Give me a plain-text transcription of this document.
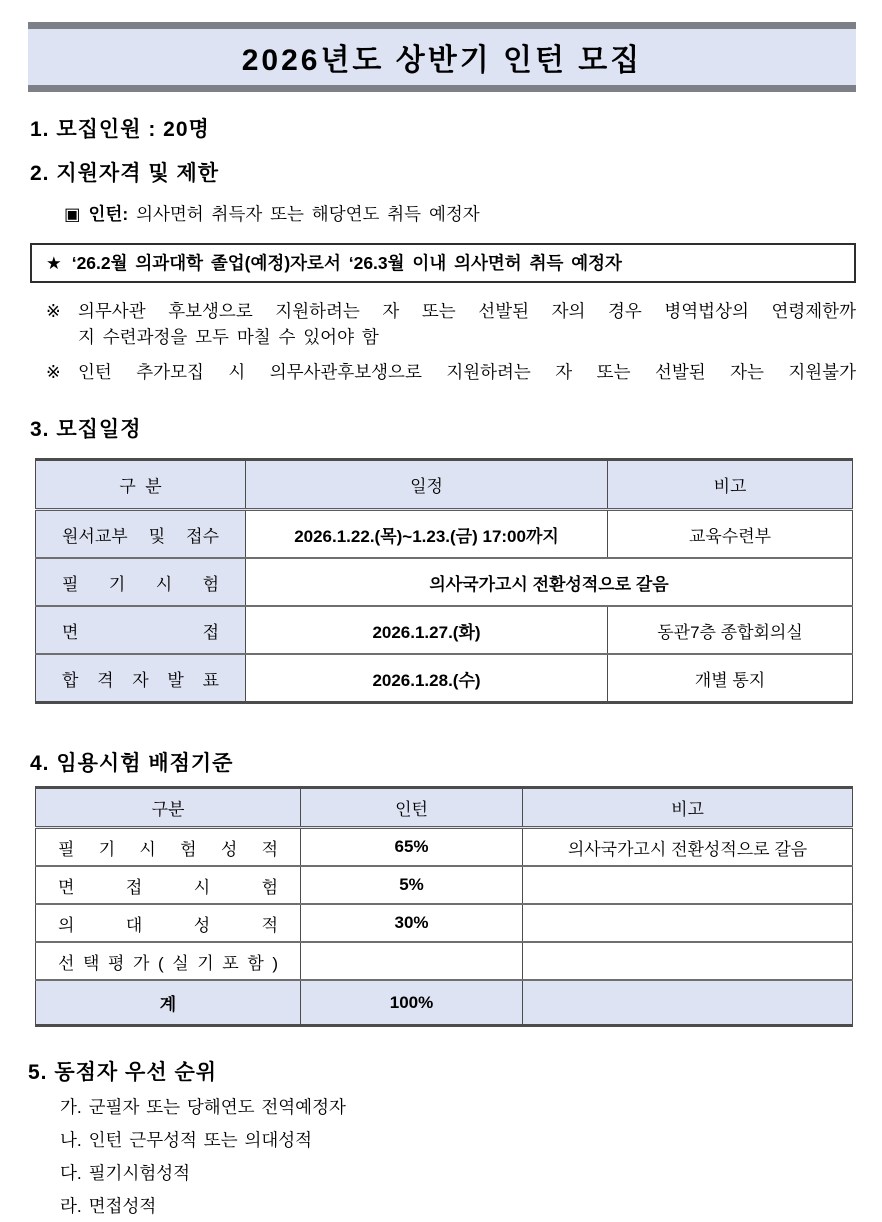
2026년도 상반기 인턴 모집
1. 모집인원 : 20명
2. 지원자격 및 제한
▣ 인턴: 의사면허 취득자 또는 해당연도 취득 예정자
★ ‘26.2월 의과대학 졸업(예정)자로서 ‘26.3월 이내 의사면허 취득 예정자
※ 의무사관 후보생으로 지원하려는 자 또는 선발된 자의 경우 병역법상의 연령제한까
지 수련과정을 모두 마칠 수 있어야 함
※ 인턴 추가모집 시 의무사관후보생으로 지원하려는 자 또는 선발된 자는 지원불가
3. 모집일정
구  분	일정	비고
원서교부 및 접수	2026.1.22.(목)~1.23.(금) 17:00까지	교육수련부
필 기 시 험	의사국가고시 전환성적으로 갈음	
면 접	2026.1.27.(화)	동관7층 종합회의실
합 격 자 발 표	2026.1.28.(수)	개별 통지
4. 임용시험 배점기준
구분	인턴	비고
필 기 시 험 성 적	65%	의사국가고시 전환성적으로 갈음
면 접 시 험	5%	
의 대 성 적	30%	
선 택 평 가 ( 실 기 포 함 )		
계	100%	
5. 동점자 우선 순위
가. 군필자 또는 당해연도 전역예정자
나. 인턴 근무성적 또는 의대성적
다. 필기시험성적
라. 면접성적
